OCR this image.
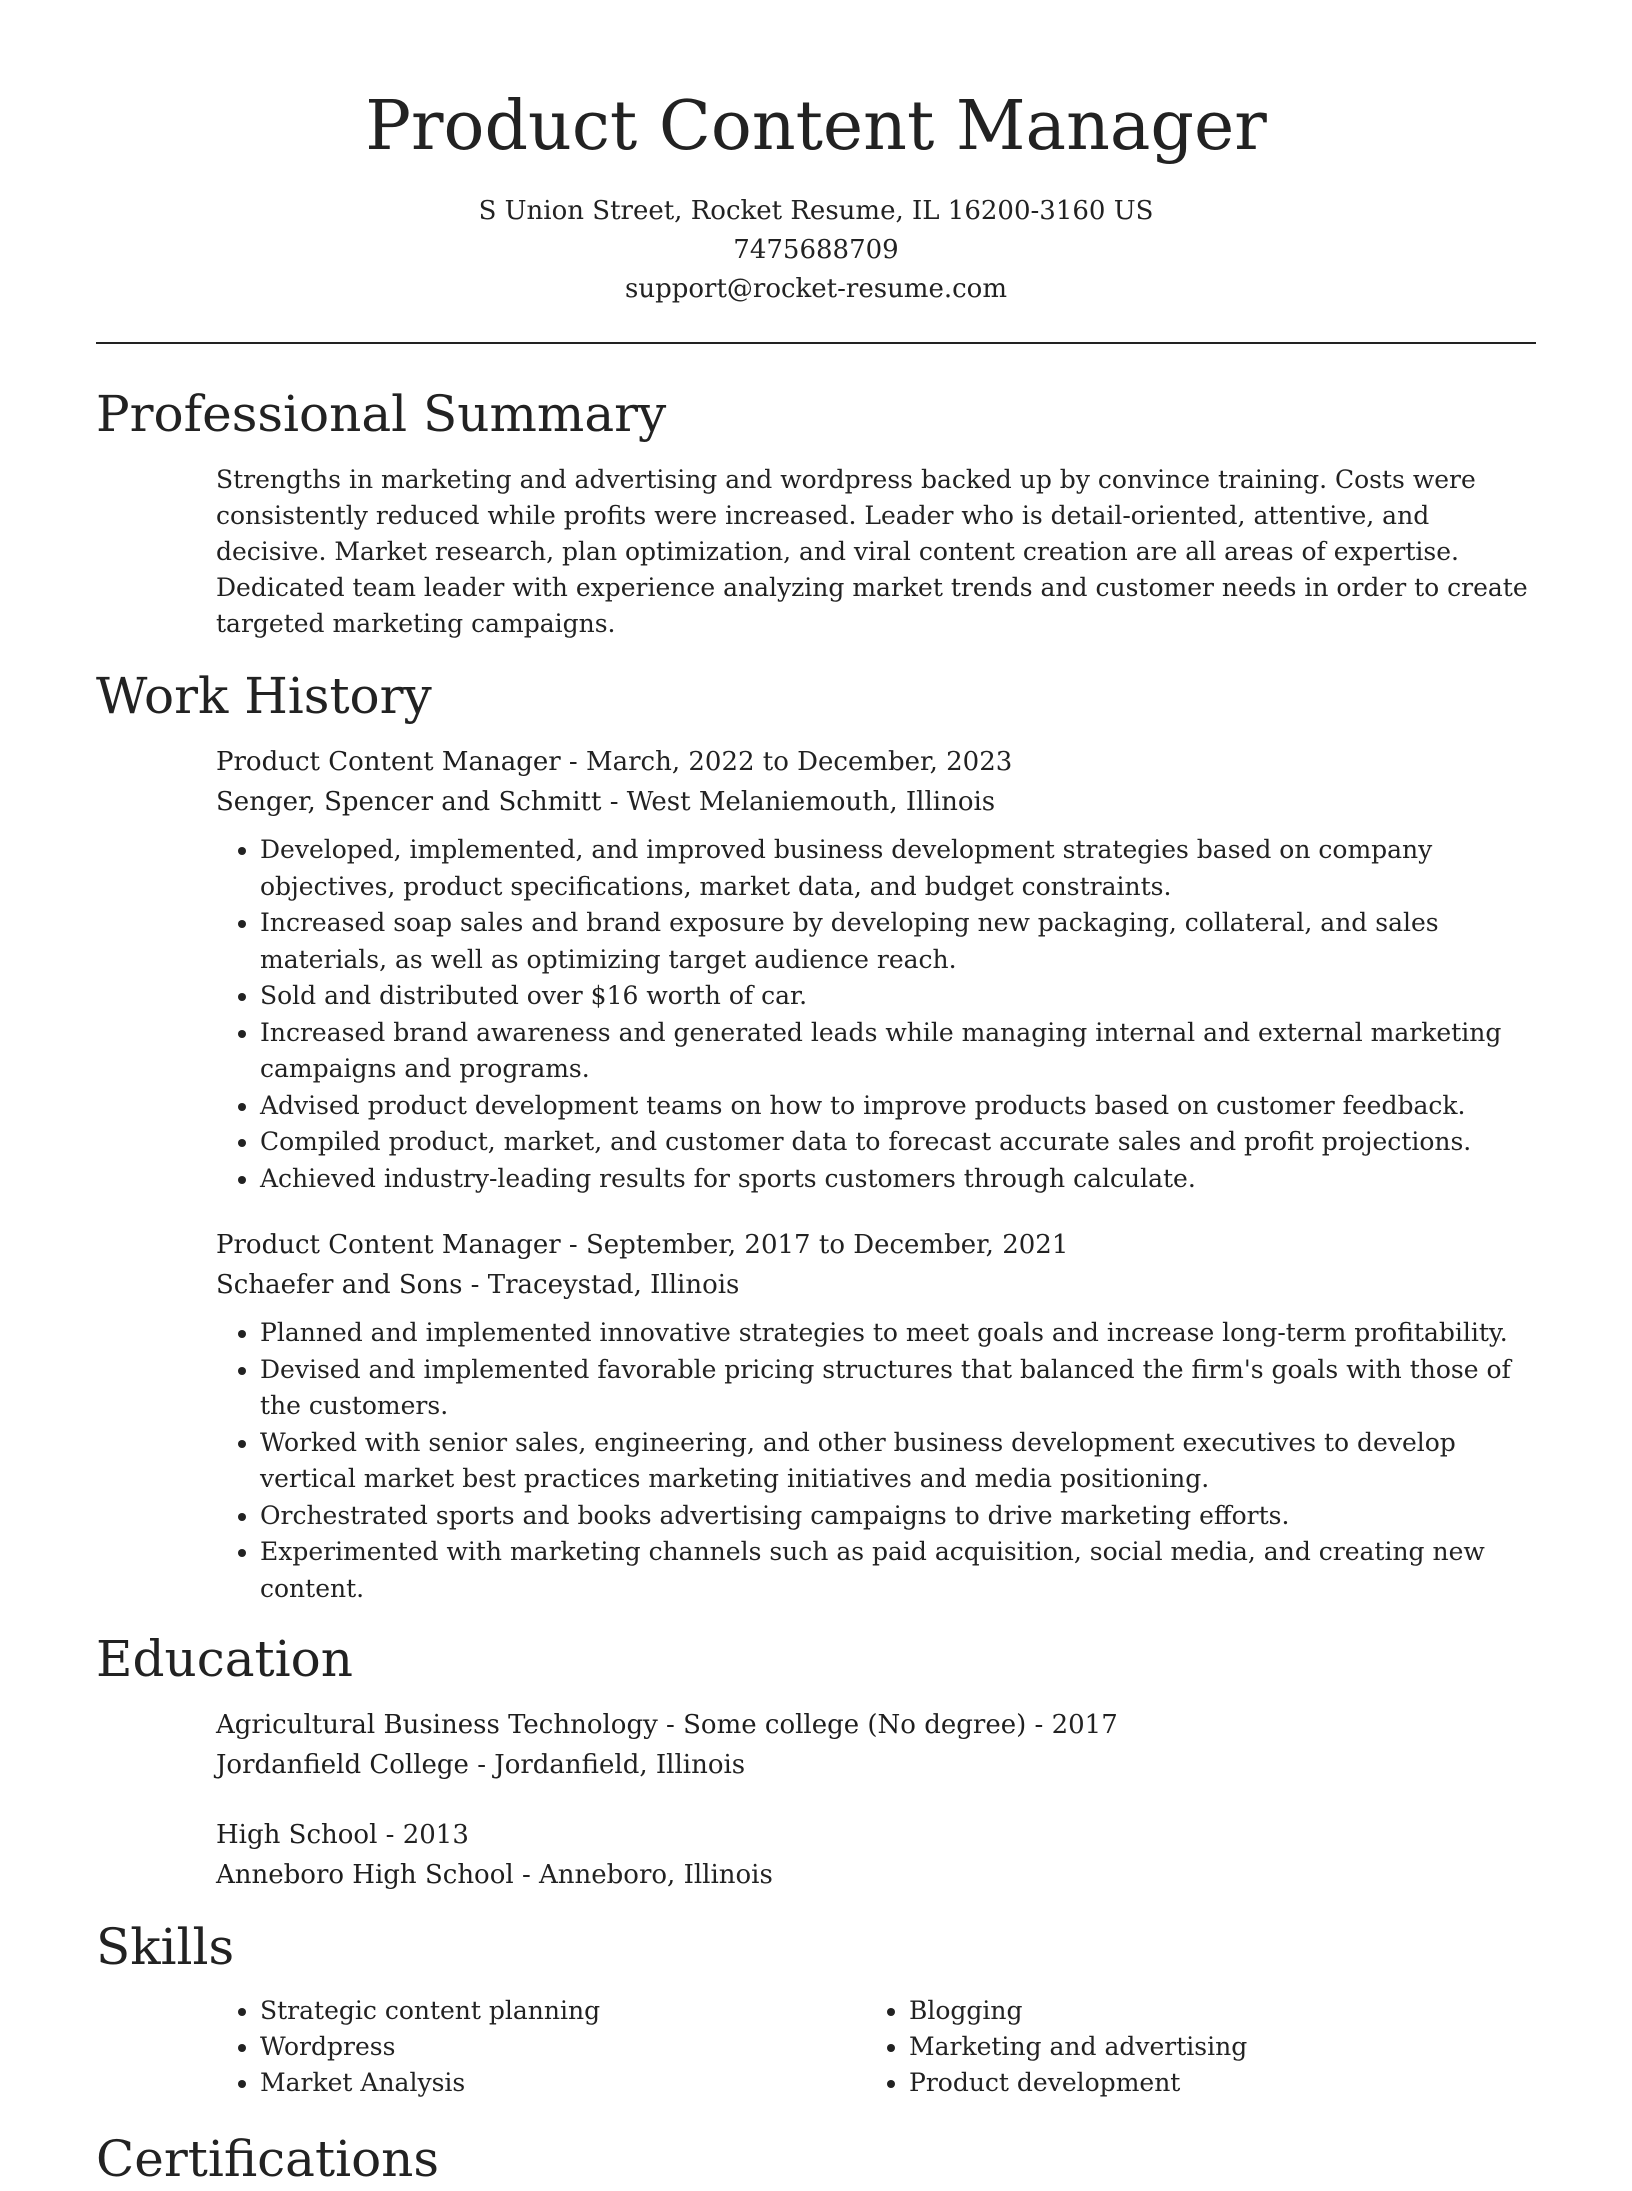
Product Content Manager
S Union Street, Rocket Resume, IL 16200-3160 US
7475688709
support@rocket-resume.com
Professional Summary
Strengths in marketing and advertising and wordpress backed up by convince training. Costs were consistently reduced while profits were increased. Leader who is detail-oriented, attentive, and decisive. Market research, plan optimization, and viral content creation are all areas of expertise. Dedicated team leader with experience analyzing market trends and customer needs in order to create targeted marketing campaigns.
Work History
Product Content Manager - March, 2022 to December, 2023
Senger, Spencer and Schmitt - West Melaniemouth, Illinois
• Developed, implemented, and improved business development strategies based on company objectives, product specifications, market data, and budget constraints.
• Increased soap sales and brand exposure by developing new packaging, collateral, and sales materials, as well as optimizing target audience reach.
• Sold and distributed over $16 worth of car.
• Increased brand awareness and generated leads while managing internal and external marketing campaigns and programs.
• Advised product development teams on how to improve products based on customer feedback.
• Compiled product, market, and customer data to forecast accurate sales and profit projections.
• Achieved industry-leading results for sports customers through calculate.
Product Content Manager - September, 2017 to December, 2021
Schaefer and Sons - Traceystad, Illinois
• Planned and implemented innovative strategies to meet goals and increase long-term profitability.
• Devised and implemented favorable pricing structures that balanced the firm's goals with those of the customers.
• Worked with senior sales, engineering, and other business development executives to develop vertical market best practices marketing initiatives and media positioning.
• Orchestrated sports and books advertising campaigns to drive marketing efforts.
• Experimented with marketing channels such as paid acquisition, social media, and creating new content.
Education
Agricultural Business Technology - Some college (No degree) - 2017
Jordanfield College - Jordanfield, Illinois
High School - 2013
Anneboro High School - Anneboro, Illinois
Skills
• Strategic content planning
• Wordpress
• Market Analysis
• Blogging
• Marketing and advertising
• Product development
Certifications
